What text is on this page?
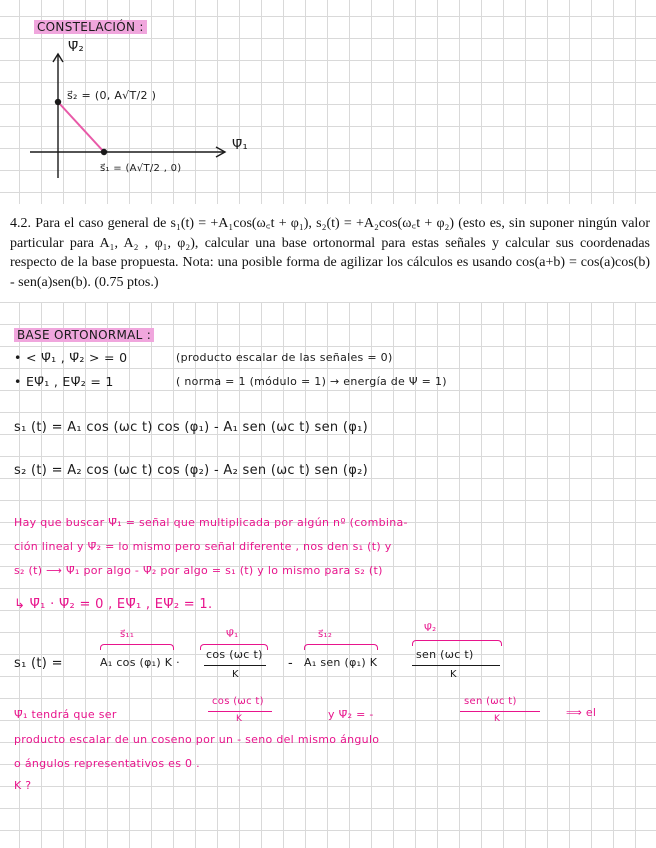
CONSTELACIÓN :
Ψ̄₂
Ψ̄₁
s⃗₂ = (0, A√T/2 )
s⃗₁ = (A√T/2 , 0)

4.2. Para el caso general de s₁(t) = +A₁cos(ω꜀t + φ₁), s₂(t) = +A₂cos(ω꜀t + φ₂) (esto es, sin suponer ningún valor particular para A₁, A₂ , φ₁, φ₂), calcular una base ortonormal para estas señales y calcular sus coordenadas respecto de la base propuesta. Nota: una posible forma de agilizar los cálculos es usando cos(a+b) = cos(a)cos(b) - sen(a)sen(b). (0.75 ptos.)

BASE ORTONORMAL :
• < Ψ̄₁ , Ψ̄₂ > = 0	(producto escalar de las señales = 0)
• EΨ̄₁ , EΨ̄₂ = 1	( norma = 1 (módulo = 1) → energía de Ψ = 1)
s₁ (t) = A₁ cos (ωc t) cos (φ₁) - A₁ sen (ωc t) sen (φ₁)
s₂ (t) = A₂ cos (ωc t) cos (φ₂) - A₂ sen (ωc t) sen (φ₂)
Hay que buscar Ψ̄₁ = señal que multiplicada por algún nº (combina-
ción lineal y Ψ̄₂ = lo mismo pero señal diferente , nos den s₁ (t) y
s₂ (t) ⟶ Ψ̄₁ por algo - Ψ̄₂ por algo = s₁ (t) y lo mismo para s₂ (t)
↳ Ψ̄₁ · Ψ̄₂ = 0 , EΨ̄₁ , EΨ̄₂ = 1.
s⃗₁₁	Ψ̄₁	s⃗₁₂
Ψ̄₂
s₁ (t) =	A₁ cos (φ₁) K ·
cos (ωc t)
K
- A₁ sen (φ₁) K
sen (ωc t)
K
Ψ̄₁ tendrá que ser
cos (ωc t)
K	y Ψ̄₂ = -
sen (ωc t)
K	⟹ el
producto escalar de un coseno por un - seno del mismo ángulo
o ángulos representativos es 0 .
K ?
